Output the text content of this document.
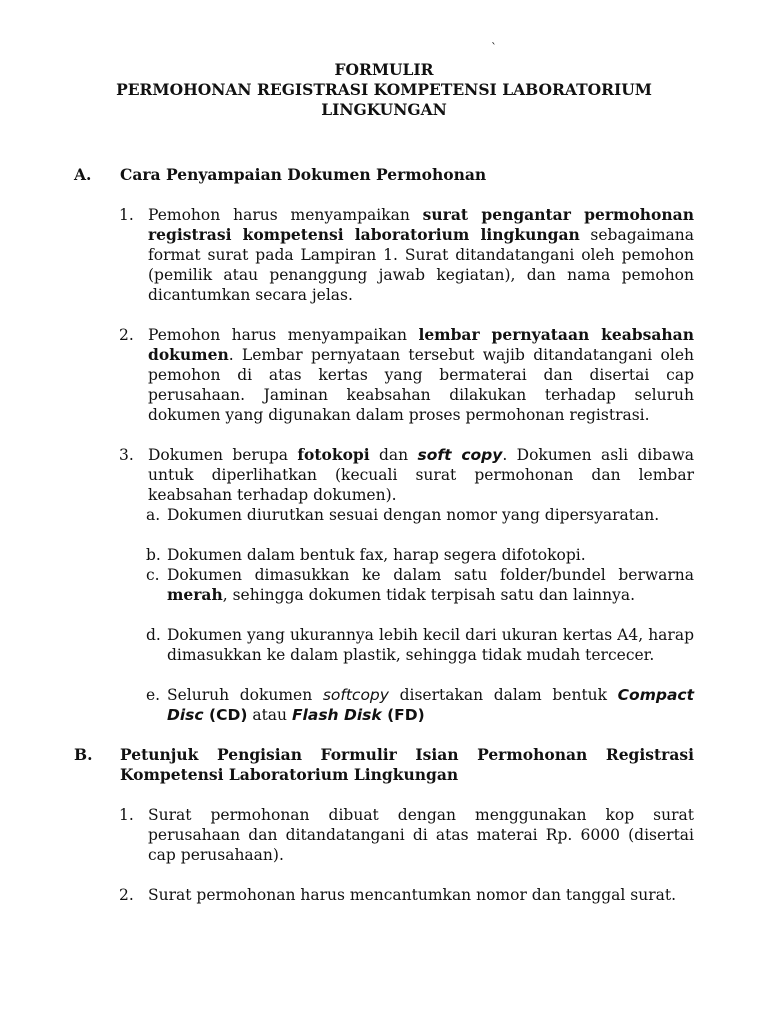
`
FORMULIR
PERMOHONAN REGISTRASI KOMPETENSI LABORATORIUM
LINGKUNGAN
A. Cara Penyampaian Dokumen Permohonan
1. Pemohon harus menyampaikan surat pengantar permohonan registrasi kompetensi laboratorium lingkungan sebagaimana format surat pada Lampiran 1. Surat ditandatangani oleh pemohon (pemilik atau penanggung jawab kegiatan), dan nama pemohon dicantumkan secara jelas.
2. Pemohon harus menyampaikan lembar pernyataan keabsahan dokumen. Lembar pernyataan tersebut wajib ditandatangani oleh pemohon di atas kertas yang bermaterai dan disertai cap perusahaan. Jaminan keabsahan dilakukan terhadap seluruh dokumen yang digunakan dalam proses permohonan registrasi.
3. Dokumen berupa fotokopi dan soft copy. Dokumen asli dibawa untuk diperlihatkan (kecuali surat permohonan dan lembar keabsahan terhadap dokumen).
a. Dokumen diurutkan sesuai dengan nomor yang dipersyaratan.
b. Dokumen dalam bentuk fax, harap segera difotokopi.
c. Dokumen dimasukkan ke dalam satu folder/bundel berwarna merah, sehingga dokumen tidak terpisah satu dan lainnya.
d. Dokumen yang ukurannya lebih kecil dari ukuran kertas A4, harap dimasukkan ke dalam plastik, sehingga tidak mudah tercecer.
e. Seluruh dokumen softcopy disertakan dalam bentuk Compact Disc (CD) atau Flash Disk (FD)
B. Petunjuk Pengisian Formulir Isian Permohonan Registrasi Kompetensi Laboratorium Lingkungan
1. Surat permohonan dibuat dengan menggunakan kop surat perusahaan dan ditandatangani di atas materai Rp. 6000 (disertai cap perusahaan).
2. Surat permohonan harus mencantumkan nomor dan tanggal surat.
